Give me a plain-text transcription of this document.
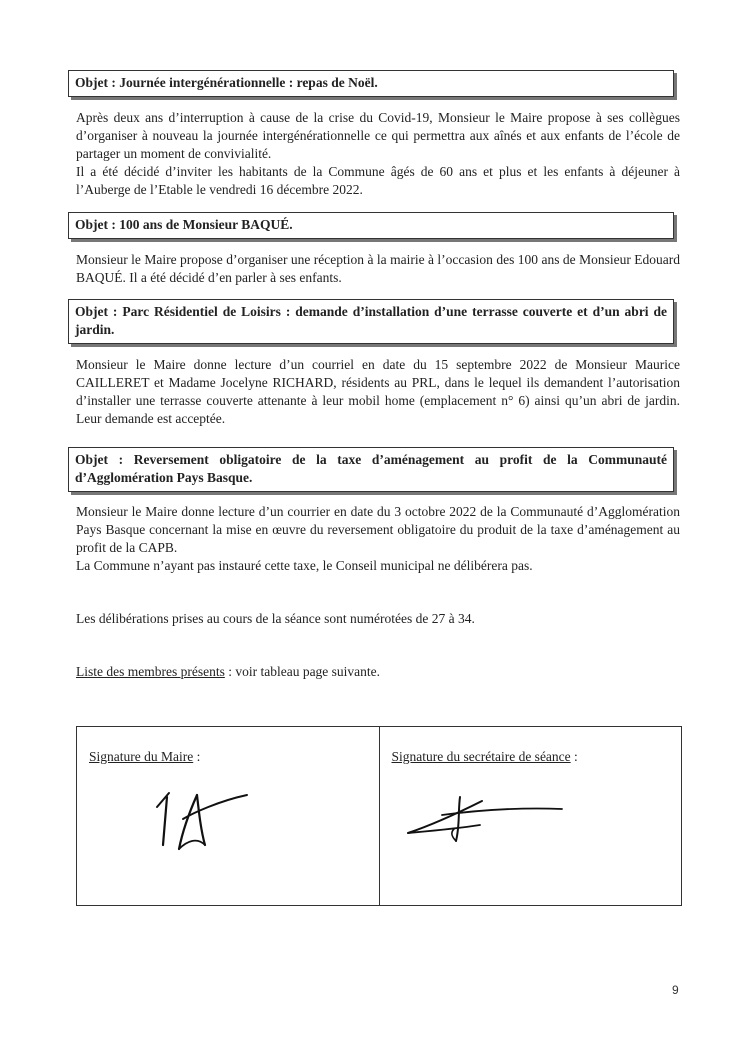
Objet : Journée intergénérationnelle : repas de Noël.

Après deux ans d’interruption à cause de la crise du Covid-19, Monsieur le Maire propose à ses collègues d’organiser à nouveau la journée intergénérationnelle ce qui permettra aux aînés et aux enfants de l’école de partager un moment de convivialité.

Il a été décidé d’inviter les habitants de la Commune âgés de 60 ans et plus et les enfants à déjeuner à l’Auberge de l’Etable le vendredi 16 décembre 2022.

Objet : 100 ans de Monsieur BAQUÉ.

Monsieur le Maire propose d’organiser une réception à la mairie à l’occasion des 100 ans de Monsieur Edouard BAQUÉ. Il a été décidé d’en parler à ses enfants.

Objet : Parc Résidentiel de Loisirs : demande d’installation d’une terrasse couverte et d’un abri de jardin.

Monsieur le Maire donne lecture d’un courriel en date du 15 septembre 2022 de Monsieur Maurice CAILLERET et Madame Jocelyne RICHARD, résidents au PRL, dans le lequel ils demandent l’autorisation d’installer une terrasse couverte attenante à leur mobil home (emplacement n° 6) ainsi qu’un abri de jardin. Leur demande est acceptée.

Objet : Reversement obligatoire de la taxe d’aménagement au profit de la Communauté d’Agglomération Pays Basque.

Monsieur le Maire donne lecture d’un courrier en date du 3 octobre 2022 de la Communauté d’Agglomération Pays Basque concernant la mise en œuvre du reversement obligatoire du produit de la taxe d’aménagement au profit de la CAPB.

La Commune n’ayant pas instauré cette taxe, le Conseil municipal ne délibérera pas.

Les délibérations prises au cours de la séance sont numérotées de 27 à 34.

Liste des membres présents : voir tableau page suivante.

Signature du Maire :	Signature du secrétaire de séance :
9
